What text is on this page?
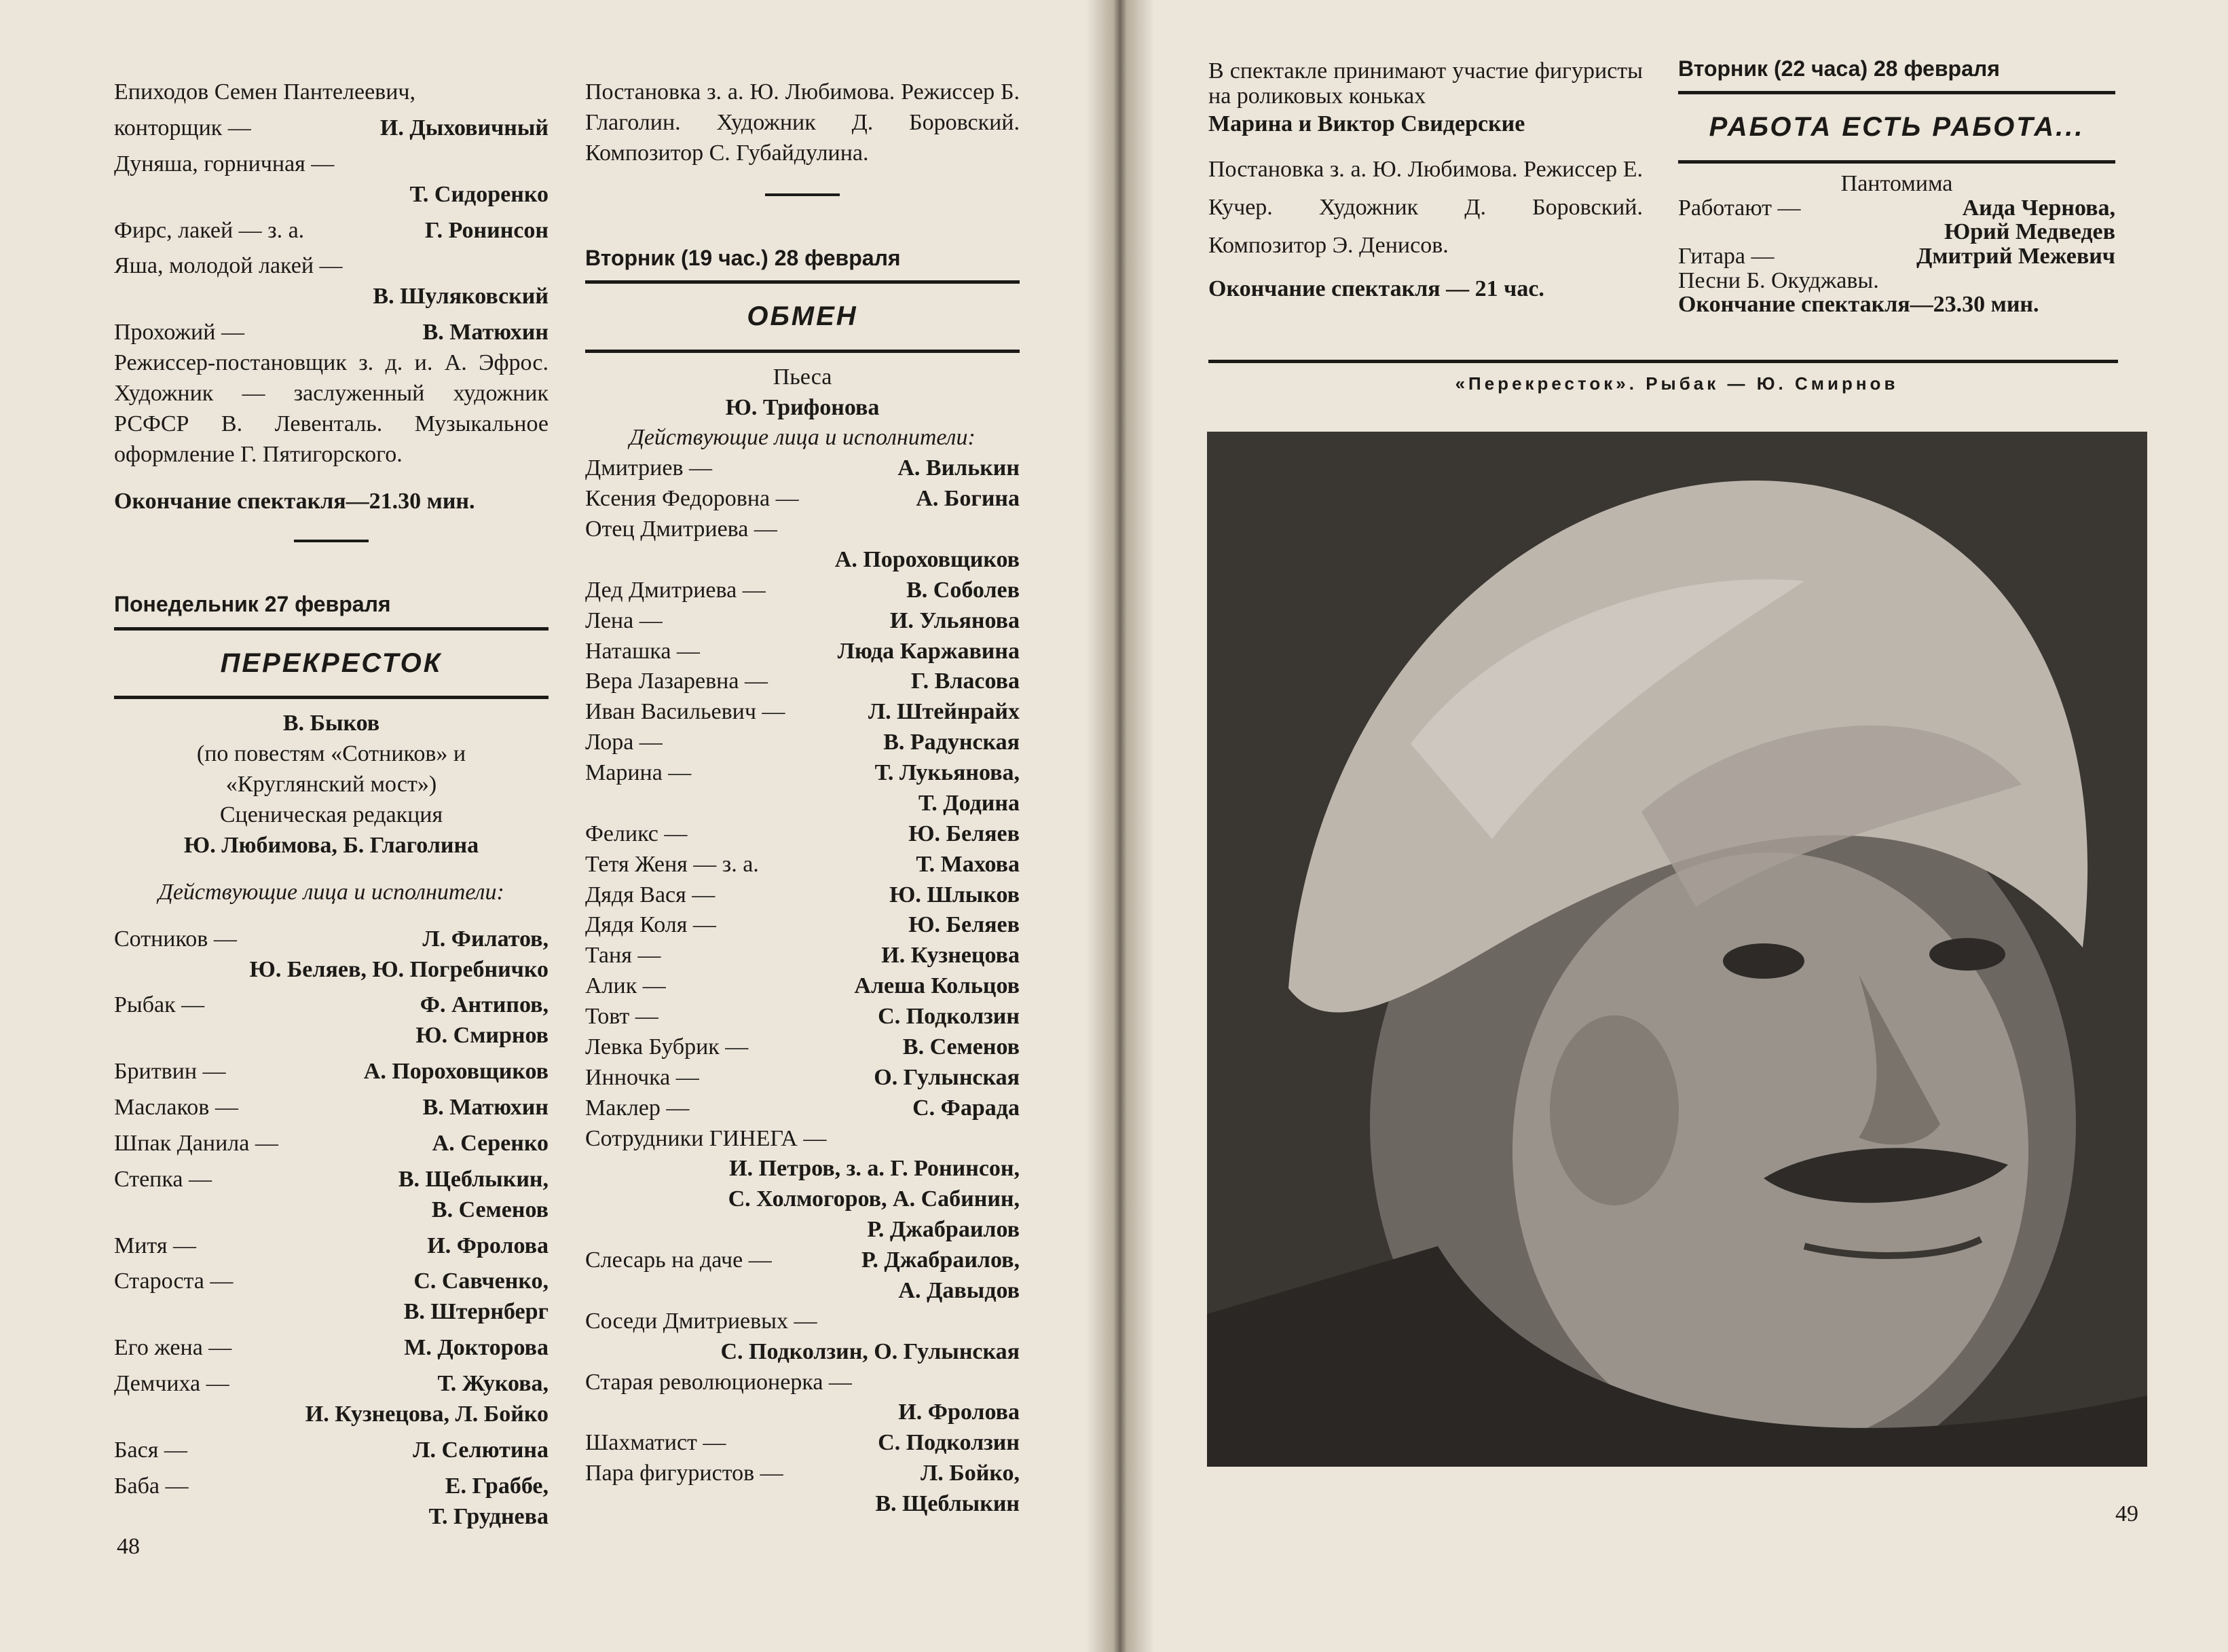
Епиходов Семен Пантелеевич,
конторщик —	И. Дыховичный
Дуняша, горничная —
Т. Сидоренко
Фирс, лакей — з. а.	Г. Ронинсон
Яша, молодой лакей —
В. Шуляковский
Прохожий —	В. Матюхин

Режиссер-постановщик з. д. и. А. Эфрос. Художник — заслуженный художник РСФСР В. Левенталь. Музыкальное оформление Г. Пятигорского.

Окончание спектакля—21.30 мин.

Понедельник 27 февраля

ПЕРЕКРЕСТОК
В. Быков
(по повестям «Сотников» и
«Круглянский мост»)
Сценическая редакция
Ю. Любимова, Б. Глаголина
Действующие лица и исполнители:
Сотников —	Л. Филатов,
Ю. Беляев, Ю. Погребничко
Рыбак —	Ф. Антипов,
Ю. Смирнов
Бритвин —	А. Пороховщиков
Маслаков —	В. Матюхин
Шпак Данила —	А. Серенко
Степка —	В. Щеблыкин,
В. Семенов
Митя —	И. Фролова
Староста —	С. Савченко,
В. Штернберг
Его жена —	М. Докторова
Демчиха —	Т. Жукова,
И. Кузнецова, Л. Бойко
Бася —	Л. Селютина
Баба —	Е. Граббе,
Т. Груднева

Постановка з. а. Ю. Любимова. Режиссер Б. Глаголин. Художник Д. Боровский. Композитор С. Губайдулина.

Вторник (19 час.) 28 февраля

ОБМЕН
Пьеса
Ю. Трифонова
Действующие лица и исполнители:
Дмитриев —	А. Вилькин
Ксения Федоровна —	А. Богина
Отец Дмитриева —
А. Пороховщиков
Дед Дмитриева —	В. Соболев
Лена —	И. Ульянова
Наташка —	Люда Каржавина
Вера Лазаревна —	Г. Власова
Иван Васильевич —	Л. Штейнрайх
Лора —	В. Радунская
Марина —	Т. Лукьянова,
Т. Додина
Феликс —	Ю. Беляев
Тетя Женя — з. а.	Т. Махова
Дядя Вася —	Ю. Шлыков
Дядя Коля —	Ю. Беляев
Таня —	И. Кузнецова
Алик —	Алеша Кольцов
Товт —	С. Подколзин
Левка Бубрик —	В. Семенов
Инночка —	О. Гулынская
Маклер —	С. Фарада
Сотрудники ГИНЕГА —
И. Петров, з. а. Г. Ронинсон,
С. Холмогоров, А. Сабинин,
Р. Джабраилов
Слесарь на даче —	Р. Джабраилов,
А. Давыдов
Соседи Дмитриевых —
С. Подколзин, О. Гулынская
Старая революционерка —
И. Фролова
Шахматист —	С. Подколзин
Пара фигуристов —	Л. Бойко,
В. Щеблыкин
48

В спектакле принимают участие фигуристы на роликовых коньках

Марина и Виктор Свидерские

Постановка з. а. Ю. Любимова. Режиссер Е. Кучер. Художник Д. Боровский. Композитор Э. Денисов.

Окончание спектакля — 21 час.

Вторник (22 часа) 28 февраля

РАБОТА ЕСТЬ РАБОТА...
Пантомима
Работают —	Аида Чернова,
Юрий Медведев
Гитара —	Дмитрий Межевич
Песни Б. Окуджавы.
Окончание спектакля—23.30 мин.
«Перекресток». Рыбак — Ю. Смирнов
49
